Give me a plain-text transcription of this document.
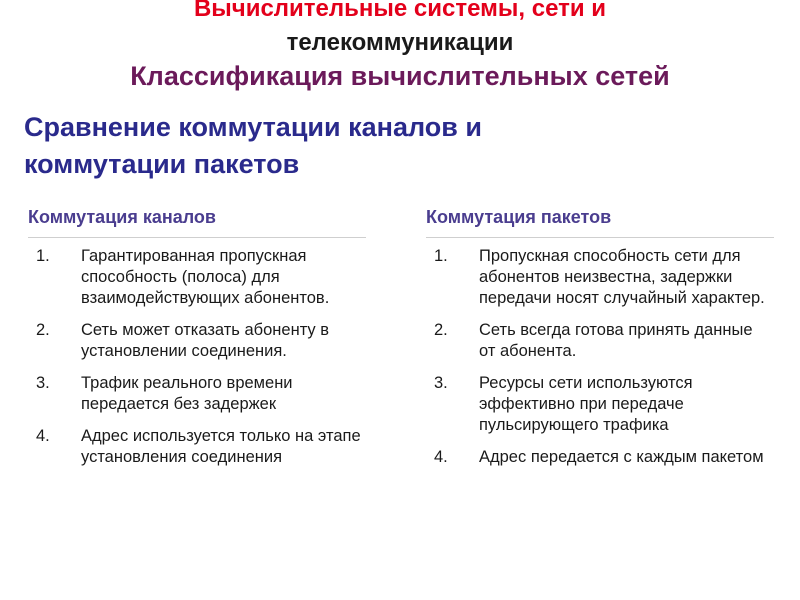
Вычислительные системы, сети и
телекоммуникации
Классификация вычислительных сетей
Сравнение коммутации каналов и
коммутации пакетов
Коммутация каналов
1.	Гарантированная пропускная способность (полоса) для взаимодействующих абонентов.
2.	Сеть может отказать абоненту в установлении соединения.
3.	Трафик реального времени передается без задержек
4.	Адрес используется только на этапе установления соединения
Коммутация пакетов
1.	Пропускная способность сети для абонентов неизвестна, задержки передачи носят случайный характер.
2.	Сеть всегда готова принять данные от абонента.
3.	Ресурсы сети используются эффективно при передаче пульсирующего трафика
4.	Адрес передается с каждым пакетом
